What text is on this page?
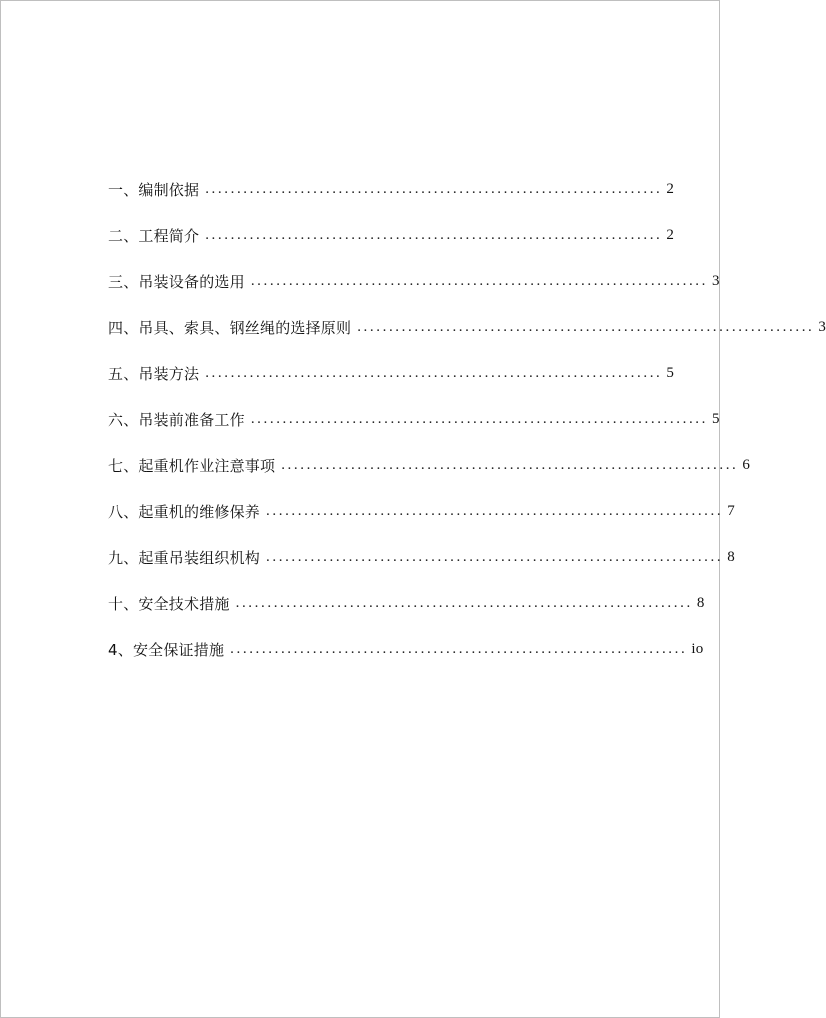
一、编制依据 ........................................................................ 2
二、工程简介 ........................................................................ 2
三、吊装设备的选用 ........................................................................ 3
四、吊具、索具、钢丝绳的选择原则 ........................................................................ 3
五、吊装方法 ........................................................................ 5
六、吊装前准备工作 ........................................................................ 5
七、起重机作业注意事项 ........................................................................ 6
八、起重机的维修保养 ........................................................................ 7
九、起重吊装组织机构 ........................................................................ 8
十、安全技术措施 ........................................................................ 8
4、安全保证措施 ........................................................................ io
